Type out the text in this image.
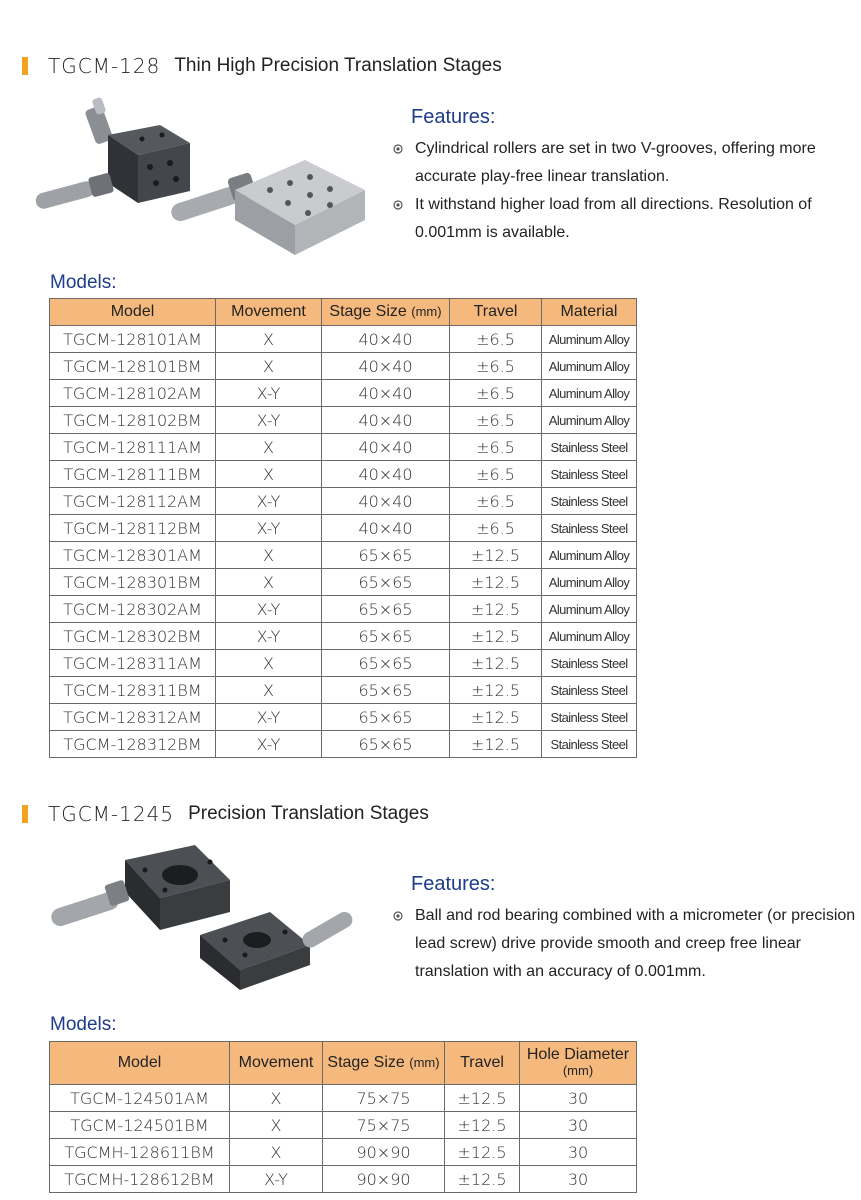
TGCM-128 Thin High Precision Translation Stages
Features:
Cylindrical rollers are set in two V-grooves, offering more accurate play-free linear translation.
It withstand higher load from all directions. Resolution of 0.001mm is available.
Models:
Model	Movement	Stage Size (mm)	Travel	Material
TGCM-128101AM	X	40×40	±6.5	Aluminum Alloy
TGCM-128101BM	X	40×40	±6.5	Aluminum Alloy
TGCM-128102AM	X-Y	40×40	±6.5	Aluminum Alloy
TGCM-128102BM	X-Y	40×40	±6.5	Aluminum Alloy
TGCM-128111AM	X	40×40	±6.5	Stainless Steel
TGCM-128111BM	X	40×40	±6.5	Stainless Steel
TGCM-128112AM	X-Y	40×40	±6.5	Stainless Steel
TGCM-128112BM	X-Y	40×40	±6.5	Stainless Steel
TGCM-128301AM	X	65×65	±12.5	Aluminum Alloy
TGCM-128301BM	X	65×65	±12.5	Aluminum Alloy
TGCM-128302AM	X-Y	65×65	±12.5	Aluminum Alloy
TGCM-128302BM	X-Y	65×65	±12.5	Aluminum Alloy
TGCM-128311AM	X	65×65	±12.5	Stainless Steel
TGCM-128311BM	X	65×65	±12.5	Stainless Steel
TGCM-128312AM	X-Y	65×65	±12.5	Stainless Steel
TGCM-128312BM	X-Y	65×65	±12.5	Stainless Steel
TGCM-1245 Precision Translation Stages
Features:
Ball and rod bearing combined with a micrometer (or precision lead screw) drive provide smooth and creep free linear translation with an accuracy of 0.001mm.
Models:
Model	Movement	Stage Size (mm)	Travel	Hole Diameter
(mm)
TGCM-124501AM	X	75×75	±12.5	30
TGCM-124501BM	X	75×75	±12.5	30
TGCMH-128611BM	X	90×90	±12.5	30
TGCMH-128612BM	X-Y	90×90	±12.5	30
